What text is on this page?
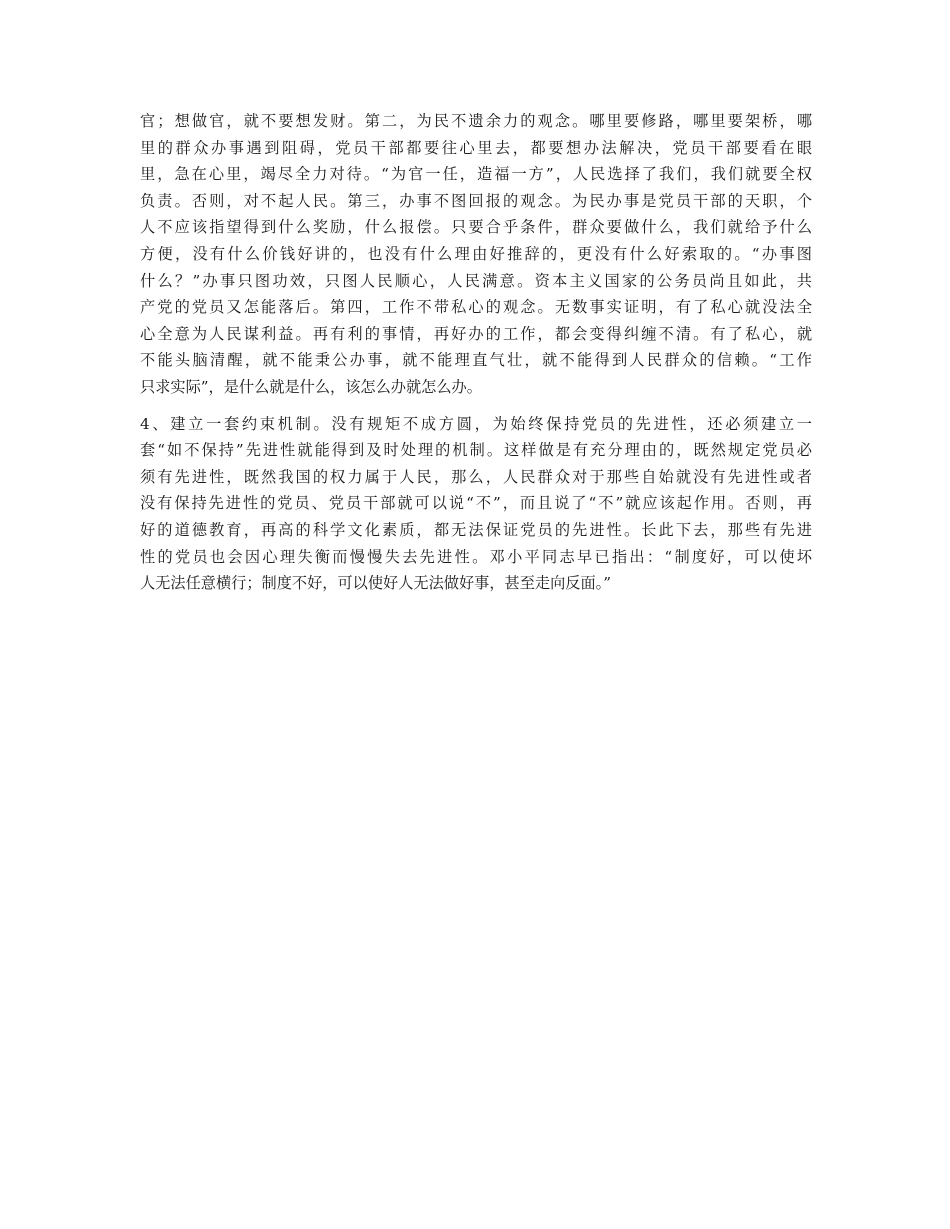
官；想做官，就不要想发财。第二，为民不遗余力的观念。哪里要修路，哪里要架桥，哪
里的群众办事遇到阻碍，党员干部都要往心里去，都要想办法解决，党员干部要看在眼
里，急在心里，竭尽全力对待。“为官一任，造福一方”，人民选择了我们，我们就要全权
负责。否则，对不起人民。第三，办事不图回报的观念。为民办事是党员干部的天职，个
人不应该指望得到什么奖励，什么报偿。只要合乎条件，群众要做什么，我们就给予什么
方便，没有什么价钱好讲的，也没有什么理由好推辞的，更没有什么好索取的。“办事图
什么？”办事只图功效，只图人民顺心，人民满意。资本主义国家的公务员尚且如此，共
产党的党员又怎能落后。第四，工作不带私心的观念。无数事实证明，有了私心就没法全
心全意为人民谋利益。再有利的事情，再好办的工作，都会变得纠缠不清。有了私心，就
不能头脑清醒，就不能秉公办事，就不能理直气壮，就不能得到人民群众的信赖。“工作
只求实际”，是什么就是什么，该怎么办就怎么办。

4、建立一套约束机制。没有规矩不成方圆，为始终保持党员的先进性，还必须建立一
套“如不保持”先进性就能得到及时处理的机制。这样做是有充分理由的，既然规定党员必
须有先进性，既然我国的权力属于人民，那么，人民群众对于那些自始就没有先进性或者
没有保持先进性的党员、党员干部就可以说“不”，而且说了“不”就应该起作用。否则，再
好的道德教育，再高的科学文化素质，都无法保证党员的先进性。长此下去，那些有先进
性的党员也会因心理失衡而慢慢失去先进性。邓小平同志早已指出：“制度好，可以使坏
人无法任意横行；制度不好，可以使好人无法做好事，甚至走向反面。”
